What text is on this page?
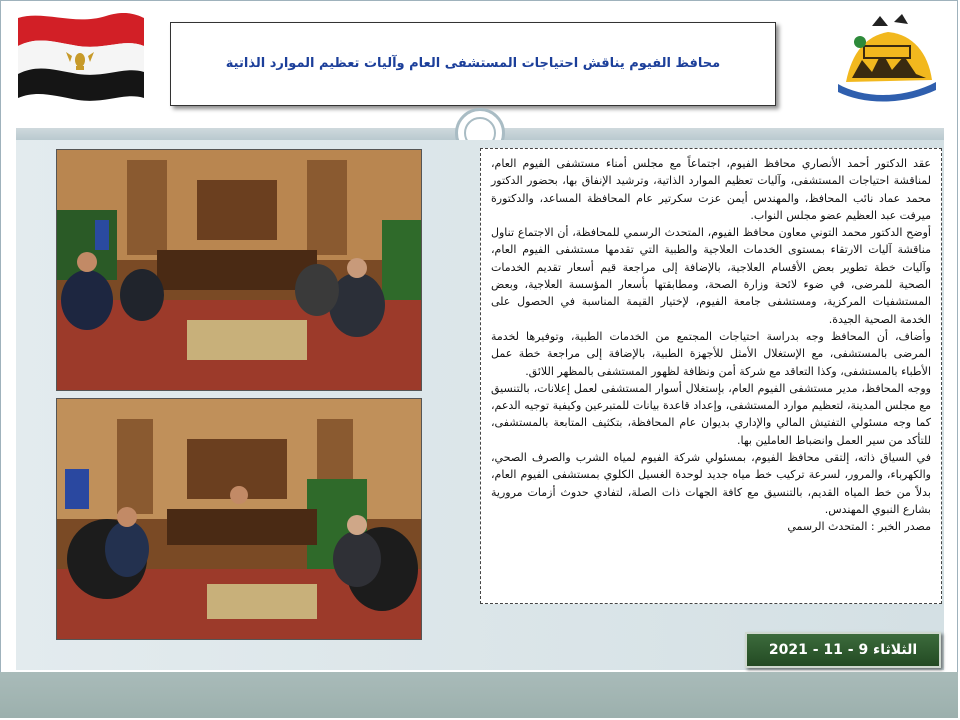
محافظ الفيوم يناقش احتياجات المستشفى العام وآليات تعظيم الموارد الذاتية

عقد الدكتور أحمد الأنصاري محافظ الفيوم، اجتماعاً مع مجلس أمناء مستشفى الفيوم العام، لمناقشة احتياجات المستشفى، وآليات تعظيم الموارد الذاتية، وترشيد الإنفاق بها، بحضور الدكتور محمد عماد نائب المحافظ، والمهندس أيمن عزت سكرتير عام المحافظة المساعد، والدكتورة ميرفت عبد العظيم عضو مجلس النواب.

أوضح الدكتور محمد التوني معاون محافظ الفيوم، المتحدث الرسمي للمحافظة، أن الاجتماع تناول مناقشة آليات الارتقاء بمستوى الخدمات العلاجية والطبية التي تقدمها مستشفى الفيوم العام، وآليات خطة تطوير بعض الأقسام العلاجية، بالإضافة إلى مراجعة قيم أسعار تقديم الخدمات الصحية للمرضى، في ضوء لائحة وزارة الصحة، ومطابقتها بأسعار المؤسسة العلاجية، وبعض المستشفيات المركزية، ومستشفى جامعة الفيوم، لإختيار القيمة المناسبة في الحصول على الخدمة الصحية الجيدة.

وأضاف، أن المحافظ وجه بدراسة احتياجات المجتمع من الخدمات الطبية، وتوفيرها لخدمة المرضى بالمستشفى، مع الإستغلال الأمثل للأجهزة الطبية، بالإضافة إلى مراجعة خطة عمل الأطباء بالمستشفى، وكذا التعاقد مع شركة أمن ونظافة لظهور المستشفى بالمظهر اللائق.

ووجه المحافظ، مدير مستشفى الفيوم العام، بإستغلال أسوار المستشفى لعمل إعلانات، بالتنسيق مع مجلس المدينة، لتعظيم موارد المستشفى، وإعداد قاعدة بيانات للمتبرعين وكيفية توجيه الدعم، كما وجه مسئولي التفتيش المالي والإداري بديوان عام المحافظة، بتكثيف المتابعة بالمستشفى، للتأكد من سير العمل وانضباط العاملين بها.

في السياق ذاته، إلتقى محافظ الفيوم، بمسئولي شركة الفيوم لمياه الشرب والصرف الصحي، والكهرباء، والمرور، لسرعة تركيب خط مياه جديد لوحدة الغسيل الكلوي بمستشفى الفيوم العام، بدلاً من خط المياه القديم، بالتنسيق مع كافة الجهات ذات الصلة، لتفادي حدوث أزمات مرورية بشارع النبوي المهندس.

مصدر الخبر : المتحدث الرسمي

الثلاثاء 9 - 11 - 2021
